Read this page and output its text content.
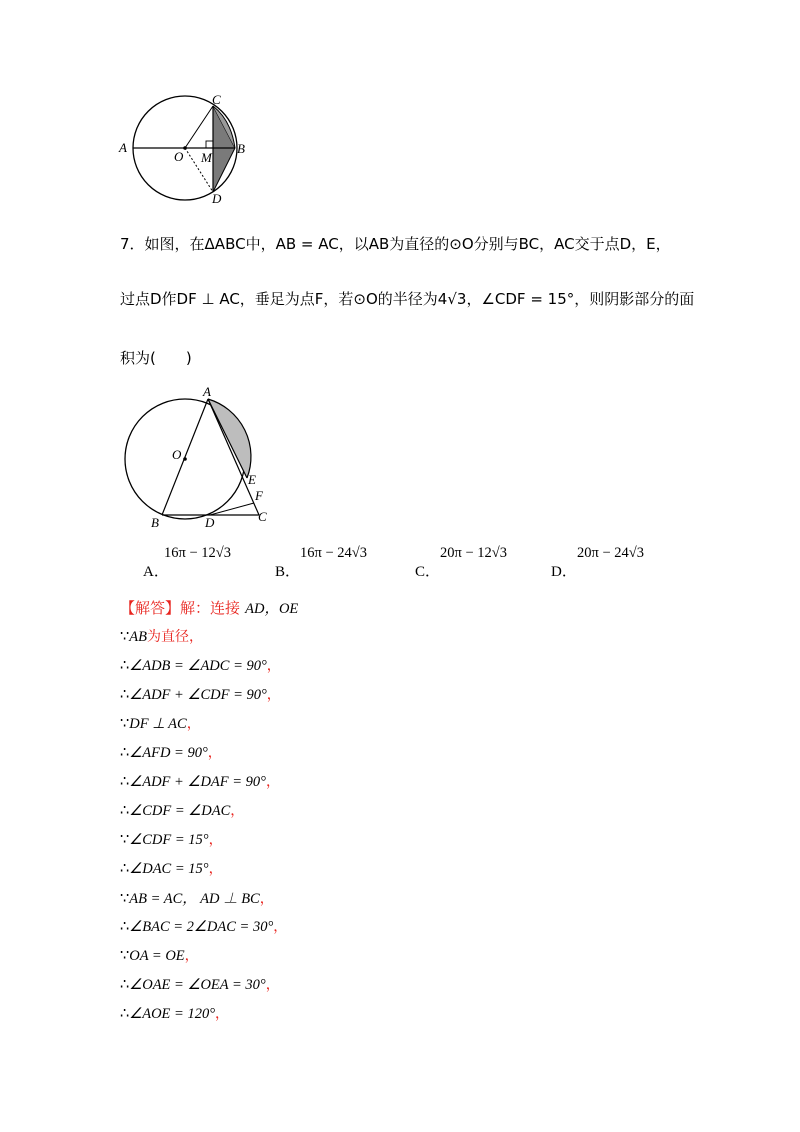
A	B
C
D
O M
7．如图，在ΔABC中，AB = AC，以AB为直径的⊙O分别与BC，AC交于点D，E，
过点D作DF ⊥ AC，垂足为点F，若⊙O的半径为4√3，∠CDF = 15°，则阴影部分的面
积为(　　)
A
B	C
D
E
F
O
A．
16π − 12√3
B．
16π − 24√3
C．
20π − 12√3
D．
20π − 24√3
【解答】解：连接 AD，OE
∵AB为直径，
∴∠ADB = ∠ADC = 90°，
∴∠ADF + ∠CDF = 90°，
∵DF ⊥ AC，
∴∠AFD = 90°，
∴∠ADF + ∠DAF = 90°，
∴∠CDF = ∠DAC，
∵∠CDF = 15°，
∴∠DAC = 15°，
∵AB = AC， AD ⊥ BC，
∴∠BAC = 2∠DAC = 30°，
∵OA = OE，
∴∠OAE = ∠OEA = 30°，
∴∠AOE = 120°，
